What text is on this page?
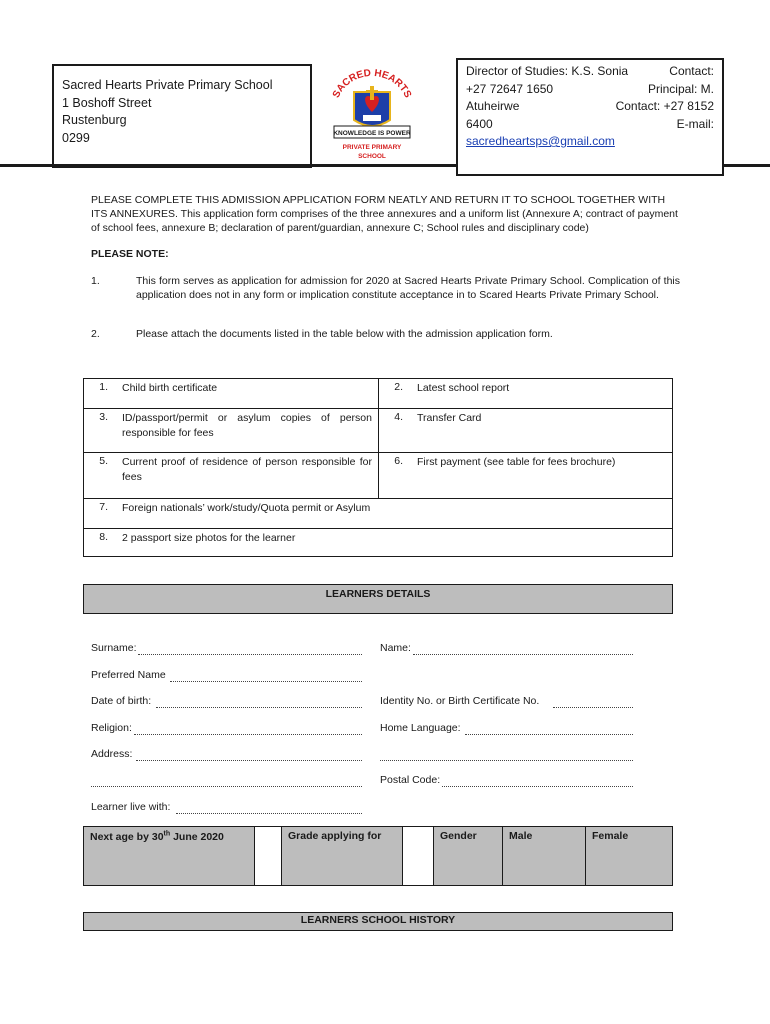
Sacred Hearts Private Primary School
1 Boshoff Street
Rustenburg
0299
SACRED HEARTS
KNOWLEDGE IS POWER
PRIVATE PRIMARY
SCHOOL
Director of Studies: K.S. Sonia	Contact:
+27 72647 1650	Principal: M.
Atuheirwe	Contact: +27 8152
6400	E-mail:
sacredheartsps@gmail.com
PLEASE COMPLETE THIS ADMISSION APPLICATION FORM NEATLY AND RETURN IT TO SCHOOL TOGETHER WITH ITS ANNEXURES. This application form comprises of the three annexures and a uniform list (Annexure A; contract of payment of school fees, annexure B; declaration of parent/guardian, annexure C; School rules and disciplinary code)
PLEASE NOTE:
1.	This form serves as application for admission for 2020 at Sacred Hearts Private Primary School. Complication of this application does not in any form or implication constitute acceptance in to Scared Hearts Private Primary School.
2.	Please attach the documents listed in the table below with the admission application form.
1. Child birth certificate	2. Latest school report

3. ID/passport/permit or asylum copies of person responsible for fees	4. Transfer Card

5. Current proof of residence of person responsible for fees	6. First payment (see table for fees brochure)

7. Foreign nationals’ work/study/Quota permit or Asylum	

8. 2 passport size photos for the learner	
LEARNERS DETAILS
Surname:	Name:
Preferred Name
Date of birth:	Identity No. or Birth Certificate No.
Religion:	Home Language:
Address:
Postal Code:
Learner live with:
Next age by 30th June 2020		Grade applying for		Gender	Male	Female
LEARNERS SCHOOL HISTORY
